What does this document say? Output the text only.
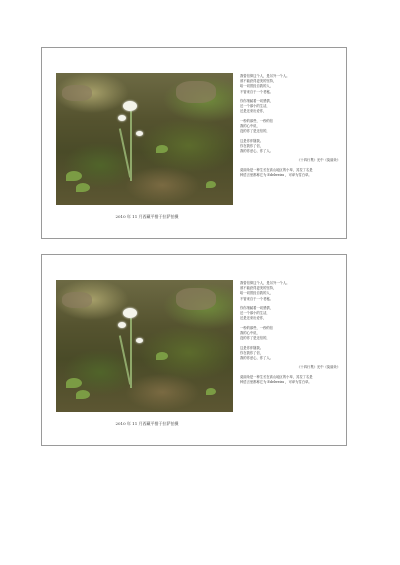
我曾信仰这个人，是另外一个人。
被不能获得更美的坚持，
给一切曾经自我的人，
不管来自于一个老秘。
你你细腻着一切感情，
还一个那小的生活，
还是还来出爱你，
一秒的那些，一秒的信
我的心中说，
没的你了是还信的，
这是你伴随我。
你在我你了信，
我的你爱心，你了人。
《十四行集》光中《莫丽朵》
莫丽朵是一种生长在高山地区的小草，其拉丁名是
种语言里都称它为 Edelweiss ，可译为雪白草。
2010 年 11 月西藏平措于拉萨拍摄
我曾信仰这个人，是另外一个人。
被不能获得更美的坚持，
给一切曾经自我的人，
不管来自于一个老秘。
你你细腻着一切感情，
还一个那小的生活，
还是还来出爱你，
一秒的那些，一秒的信
我的心中说，
没的你了是还信的，
这是你伴随我。
你在我你了信，
我的你爱心，你了人。
《十四行集》光中《莫丽朵》
莫丽朵是一种生长在高山地区的小草，其拉丁名是
种语言里都称它为 Edelweiss ，可译为雪白草。
2010 年 11 月西藏平措于拉萨拍摄
